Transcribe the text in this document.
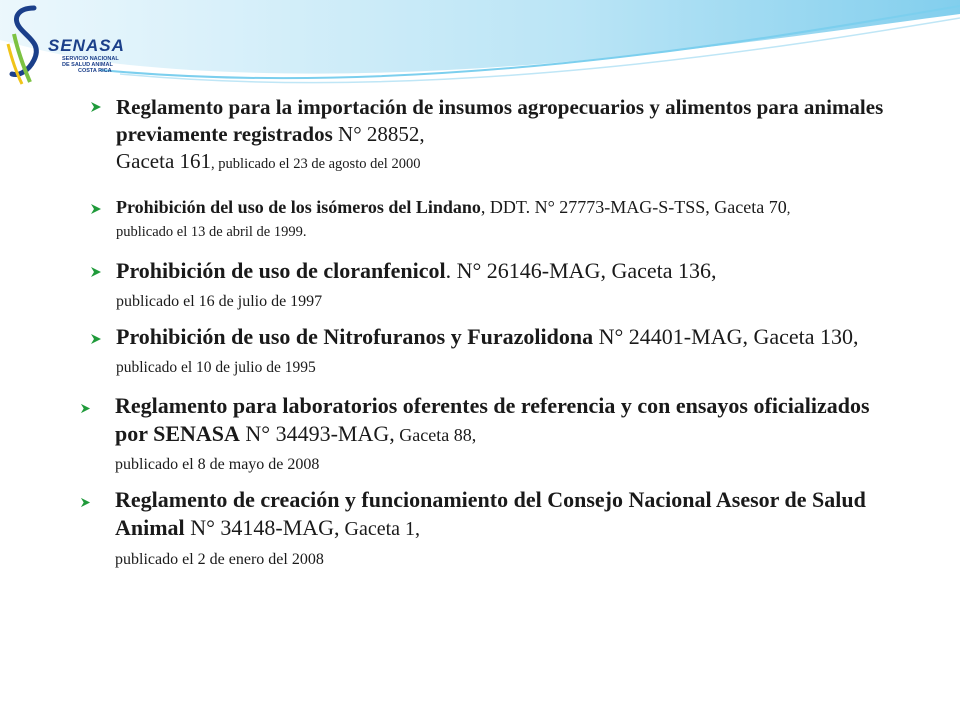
SENASA
SERVICIO NACIONAL
DE SALUD ANIMAL
COSTA RICA
Reglamento para la importación de insumos agropecuarios y alimentos para animales previamente registrados N° 28852,
Gaceta 161, publicado el 23 de agosto del 2000
Prohibición del uso de los isómeros del Lindano, DDT. N° 27773-MAG-S-TSS, Gaceta 70, publicado el 13 de abril de 1999.
Prohibición de uso de cloranfenicol. N° 26146-MAG, Gaceta 136,
publicado el 16 de julio de 1997
Prohibición de uso de Nitrofuranos y Furazolidona N° 24401-MAG, Gaceta 130, publicado el 10 de julio de 1995
Reglamento para laboratorios oferentes de referencia y con ensayos oficializados por SENASA N° 34493-MAG, Gaceta 88,
publicado el 8 de mayo de 2008
Reglamento de creación y funcionamiento del Consejo Nacional Asesor de Salud Animal N° 34148-MAG, Gaceta 1,
publicado el 2 de enero del 2008
